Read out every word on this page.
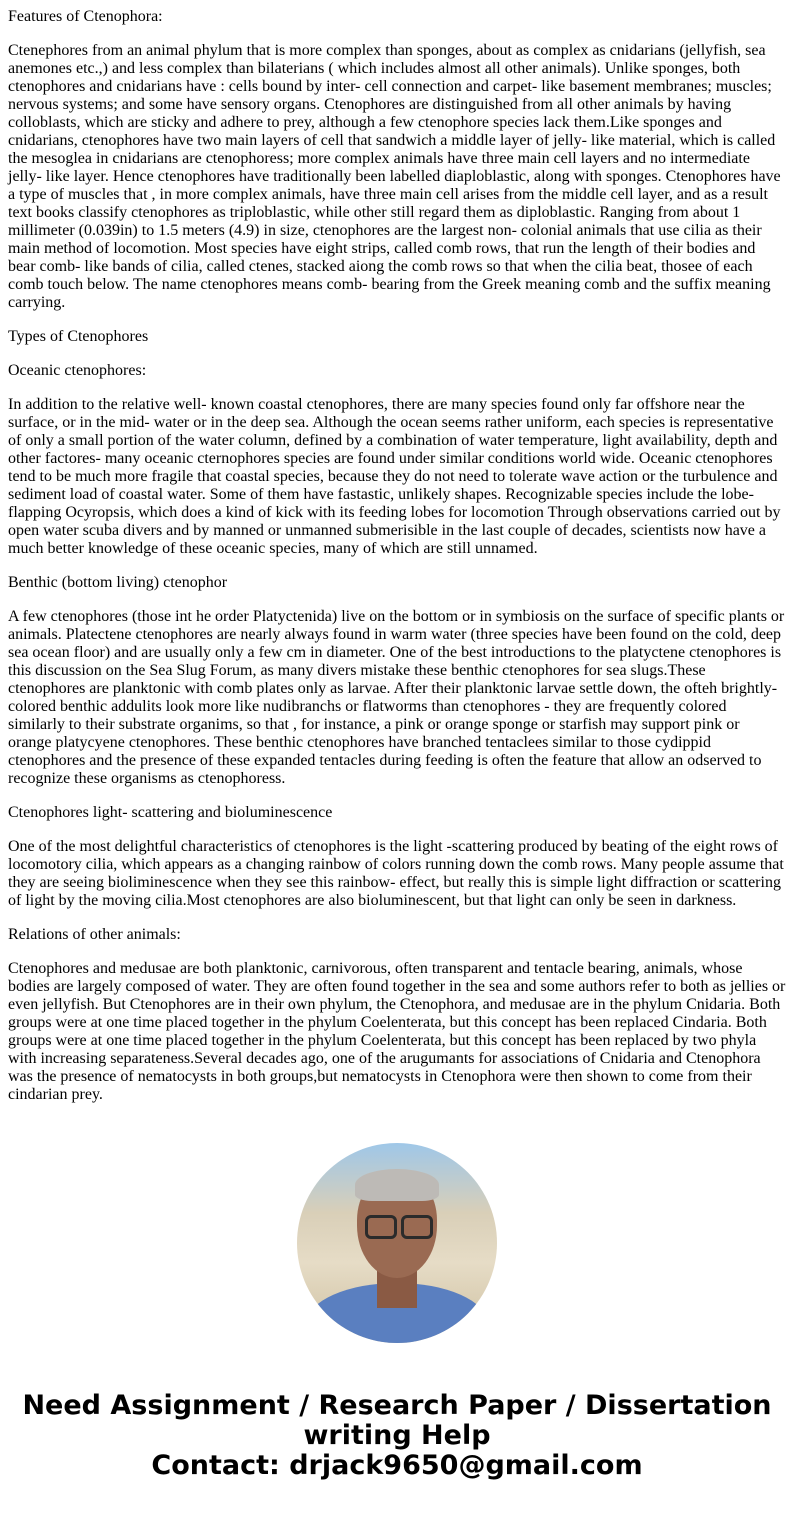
Features of Ctenophora:

Ctenephores from an animal phylum that is more complex than sponges, about as complex as cnidarians (jellyfish, sea anemones etc.,) and less complex than bilaterians ( which includes almost all other animals). Unlike sponges, both ctenophores and cnidarians have : cells bound by inter- cell connection and carpet- like basement membranes; muscles; nervous systems; and some have sensory organs. Ctenophores are distinguished from all other animals by having colloblasts, which are sticky and adhere to prey, although a few ctenophore species lack them.Like sponges and cnidarians, ctenophores have two main layers of cell that sandwich a middle layer of jelly- like material, which is called the mesoglea in cnidarians are ctenophoress; more complex animals have three main cell layers and no intermediate jelly- like layer. Hence ctenophores have traditionally been labelled diaploblastic, along with sponges. Ctenophores have a type of muscles that , in more complex animals, have three main cell arises from the middle cell layer, and as a result text books classify ctenophores as triploblastic, while other still regard them as diploblastic. Ranging from about 1 millimeter (0.039in) to 1.5 meters (4.9) in size, ctenophores are the largest non- colonial animals that use cilia as their main method of locomotion. Most species have eight strips, called comb rows, that run the length of their bodies and bear comb- like bands of cilia, called ctenes, stacked aiong the comb rows so that when the cilia beat, thosee of each comb touch below. The name ctenophores means comb- bearing from the Greek meaning comb and the suffix meaning carrying.

Types of Ctenophores

Oceanic ctenophores:

In addition to the relative well- known coastal ctenophores, there are many species found only far offshore near the surface, or in the mid- water or in the deep sea. Although the ocean seems rather uniform, each species is representative of only a small portion of the water column, defined by a combination of water temperature, light availability, depth and other factores- many oceanic cternophores species are found under similar conditions world wide. Oceanic ctenophores tend to be much more fragile that coastal species, because they do not need to tolerate wave action or the turbulence and sediment load of coastal water. Some of them have fastastic, unlikely shapes. Recognizable species include the lobe- flapping Ocyropsis, which does a kind of kick with its feeding lobes for locomotion Through observations carried out by open water scuba divers and by manned or unmanned submerisible in the last couple of decades, scientists now have a much better knowledge of these oceanic species, many of which are still unnamed.

Benthic (bottom living) ctenophor

A few ctenophores (those int he order Platyctenida) live on the bottom or in symbiosis on the surface of specific plants or animals. Platectene ctenophores are nearly always found in warm water (three species have been found on the cold, deep sea ocean floor) and are usually only a few cm in diameter. One of the best introductions to the platyctene ctenophores is this discussion on the Sea Slug Forum, as many divers mistake these benthic ctenophores for sea slugs.These ctenophores are planktonic with comb plates only as larvae. After their planktonic larvae settle down, the ofteh brightly-colored benthic addulits look more like nudibranchs or flatworms than ctenophores - they are frequently colored similarly to their substrate organims, so that , for instance, a pink or orange sponge or starfish may support pink or orange platycyene ctenophores. These benthic ctenophores have branched tentaclees similar to those cydippid ctenophores and the presence of these expanded tentacles during feeding is often the feature that allow an odserved to recognize these organisms as ctenophoress.

Ctenophores light- scattering and bioluminescence

One of the most delightful characteristics of ctenophores is the light -scattering produced by beating of the eight rows of locomotory cilia, which appears as a changing rainbow of colors running down the comb rows. Many people assume that they are seeing bioliminescence when they see this rainbow- effect, but really this is simple light diffraction or scattering of light by the moving cilia.Most ctenophores are also bioluminescent, but that light can only be seen in darkness.

Relations of other animals:

Ctenophores and medusae are both planktonic, carnivorous, often transparent and tentacle bearing, animals, whose bodies are largely composed of water. They are often found together in the sea and some authors refer to both as jellies or even jellyfish. But Ctenophores are in their own phylum, the Ctenophora, and medusae are in the phylum Cnidaria. Both groups were at one time placed together in the phylum Coelenterata, but this concept has been replaced Cindaria. Both groups were at one time placed together in the phylum Coelenterata, but this concept has been replaced by two phyla with increasing separateness.Several decades ago, one of the arugumants for associations of Cnidaria and Ctenophora was the presence of nematocysts in both groups,but nematocysts in Ctenophora were then shown to come from their cindarian prey.

Need Assignment / Research Paper / Dissertation writing Help
Contact: drjack9650@gmail.com
